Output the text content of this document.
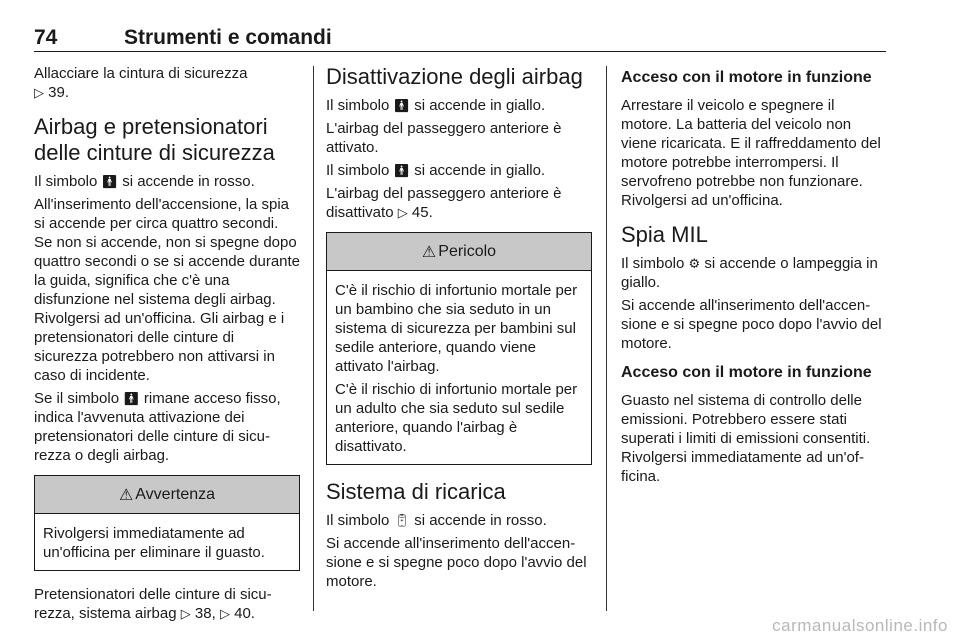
74	Strumenti e comandi

Allacciare la cintura di sicurezza
▷ 39.

Airbag e pretensionatori
delle cinture di sicurezza

Il simbolo 🚹︎ si accende in rosso.

All'inserimento dell'accensione, la spia si accende per circa quattro secondi. Se non si accende, non si spegne dopo quattro secondi o se si accende durante la guida, significa che c'è una disfunzione nel sistema degli airbag. Rivolgersi ad un'officina. Gli airbag e i pretensionatori delle cinture di sicurezza potrebbero non attivarsi in caso di incidente.

Se il simbolo 🚹︎ rimane acceso fisso, indica l'avvenuta attivazione dei pretensionatori delle cinture di sicurezza o degli airbag.

⚠︎ Avvertenza

Rivolgersi immediatamente ad un'officina per eliminare il guasto.

Pretensionatori delle cinture di sicurezza, sistema airbag ▷ 38, ▷ 40.

Disattivazione degli airbag

Il simbolo 🚹︎ si accende in giallo.

L'airbag del passeggero anteriore è attivato.

Il simbolo 🚹︎ si accende in giallo.

L'airbag del passeggero anteriore è disattivato ▷ 45.

⚠︎ Pericolo

C'è il rischio di infortunio mortale per un bambino che sia seduto in un sistema di sicurezza per bambini sul sedile anteriore, quando viene attivato l'airbag.

C'è il rischio di infortunio mortale per un adulto che sia seduto sul sedile anteriore, quando l'airbag è disattivato.

Sistema di ricarica

Il simbolo 🔋︎ si accende in rosso.

Si accende all'inserimento dell'accensione e si spegne poco dopo l'avvio del motore.

Acceso con il motore in funzione

Arrestare il veicolo e spegnere il motore. La batteria del veicolo non viene ricaricata. E il raffreddamento del motore potrebbe interrompersi. Il servofreno potrebbe non funzionare. Rivolgersi ad un'officina.

Spia MIL

Il simbolo ⚙︎ si accende o lampeggia in giallo.

Si accende all'inserimento dell'accensione e si spegne poco dopo l'avvio del motore.

Acceso con il motore in funzione

Guasto nel sistema di controllo delle emissioni. Potrebbero essere stati superati i limiti di emissioni consentiti. Rivolgersi immediatamente ad un'officina.

carmanualsonline.info
